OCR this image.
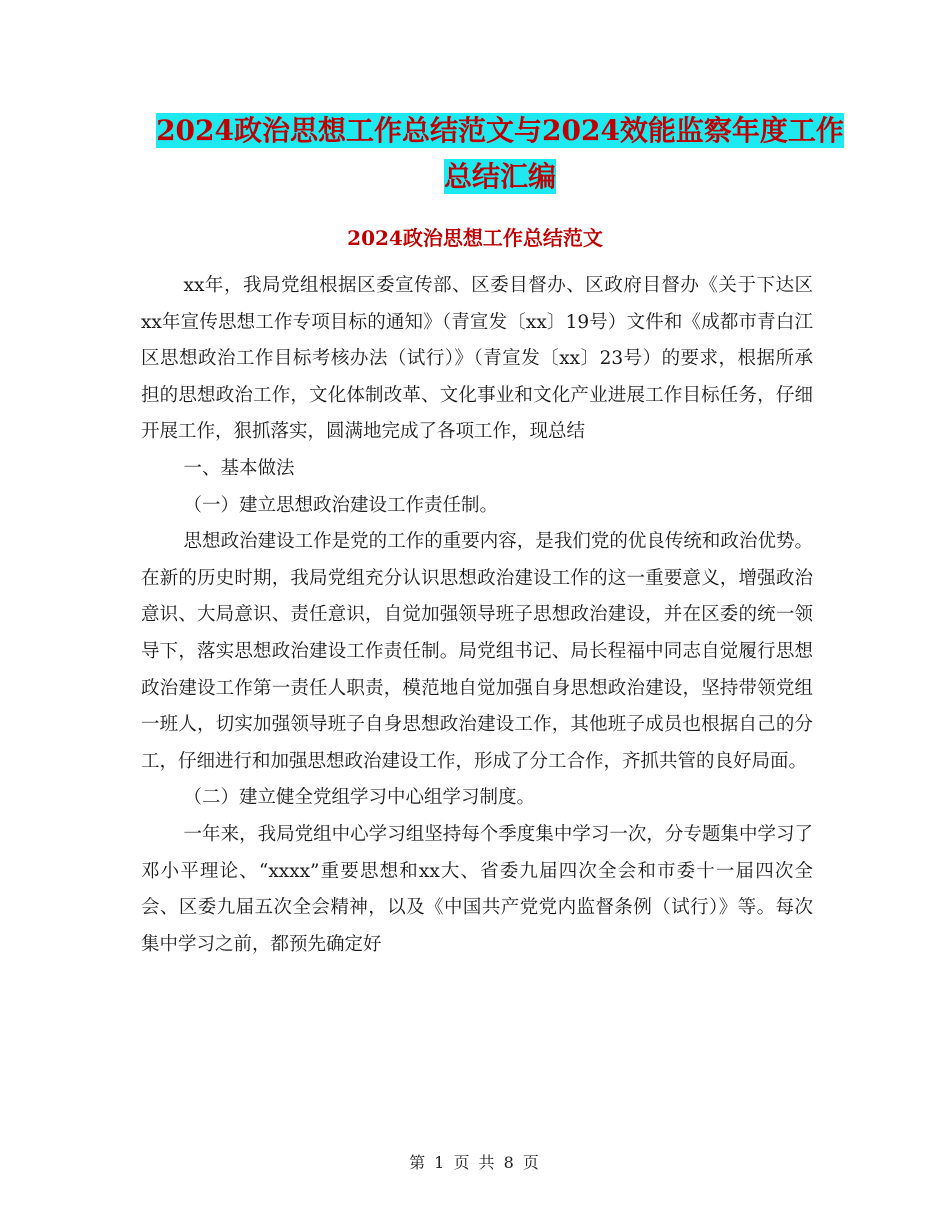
2024政治思想工作总结范文与2024效能监察年度工作
总结汇编
2024政治思想工作总结范文

xx年，我局党组根据区委宣传部、区委目督办、区政府目督办《关于下达区xx年宣传思想工作专项目标的通知》（青宣发〔xx〕19号）文件和《成都市青白江区思想政治工作目标考核办法（试行）》（青宣发〔xx〕23号）的要求，根据所承担的思想政治工作，文化体制改革、文化事业和文化产业进展工作目标任务，仔细开展工作，狠抓落实，圆满地完成了各项工作，现总结

一、基本做法

（一）建立思想政治建设工作责任制。

思想政治建设工作是党的工作的重要内容，是我们党的优良传统和政治优势。在新的历史时期，我局党组充分认识思想政治建设工作的这一重要意义，增强政治意识、大局意识、责任意识，自觉加强领导班子思想政治建设，并在区委的统一领导下，落实思想政治建设工作责任制。局党组书记、局长程福中同志自觉履行思想政治建设工作第一责任人职责，模范地自觉加强自身思想政治建设，坚持带领党组一班人，切实加强领导班子自身思想政治建设工作，其他班子成员也根据自己的分工，仔细进行和加强思想政治建设工作，形成了分工合作，齐抓共管的良好局面。

（二）建立健全党组学习中心组学习制度。

一年来，我局党组中心学习组坚持每个季度集中学习一次，分专题集中学习了邓小平理论、“xxxx”重要思想和xx大、省委九届四次全会和市委十一届四次全会、区委九届五次全会精神，以及《中国共产党党内监督条例（试行）》等。每次集中学习之前，都预先确定好

第 1 页 共 8 页
